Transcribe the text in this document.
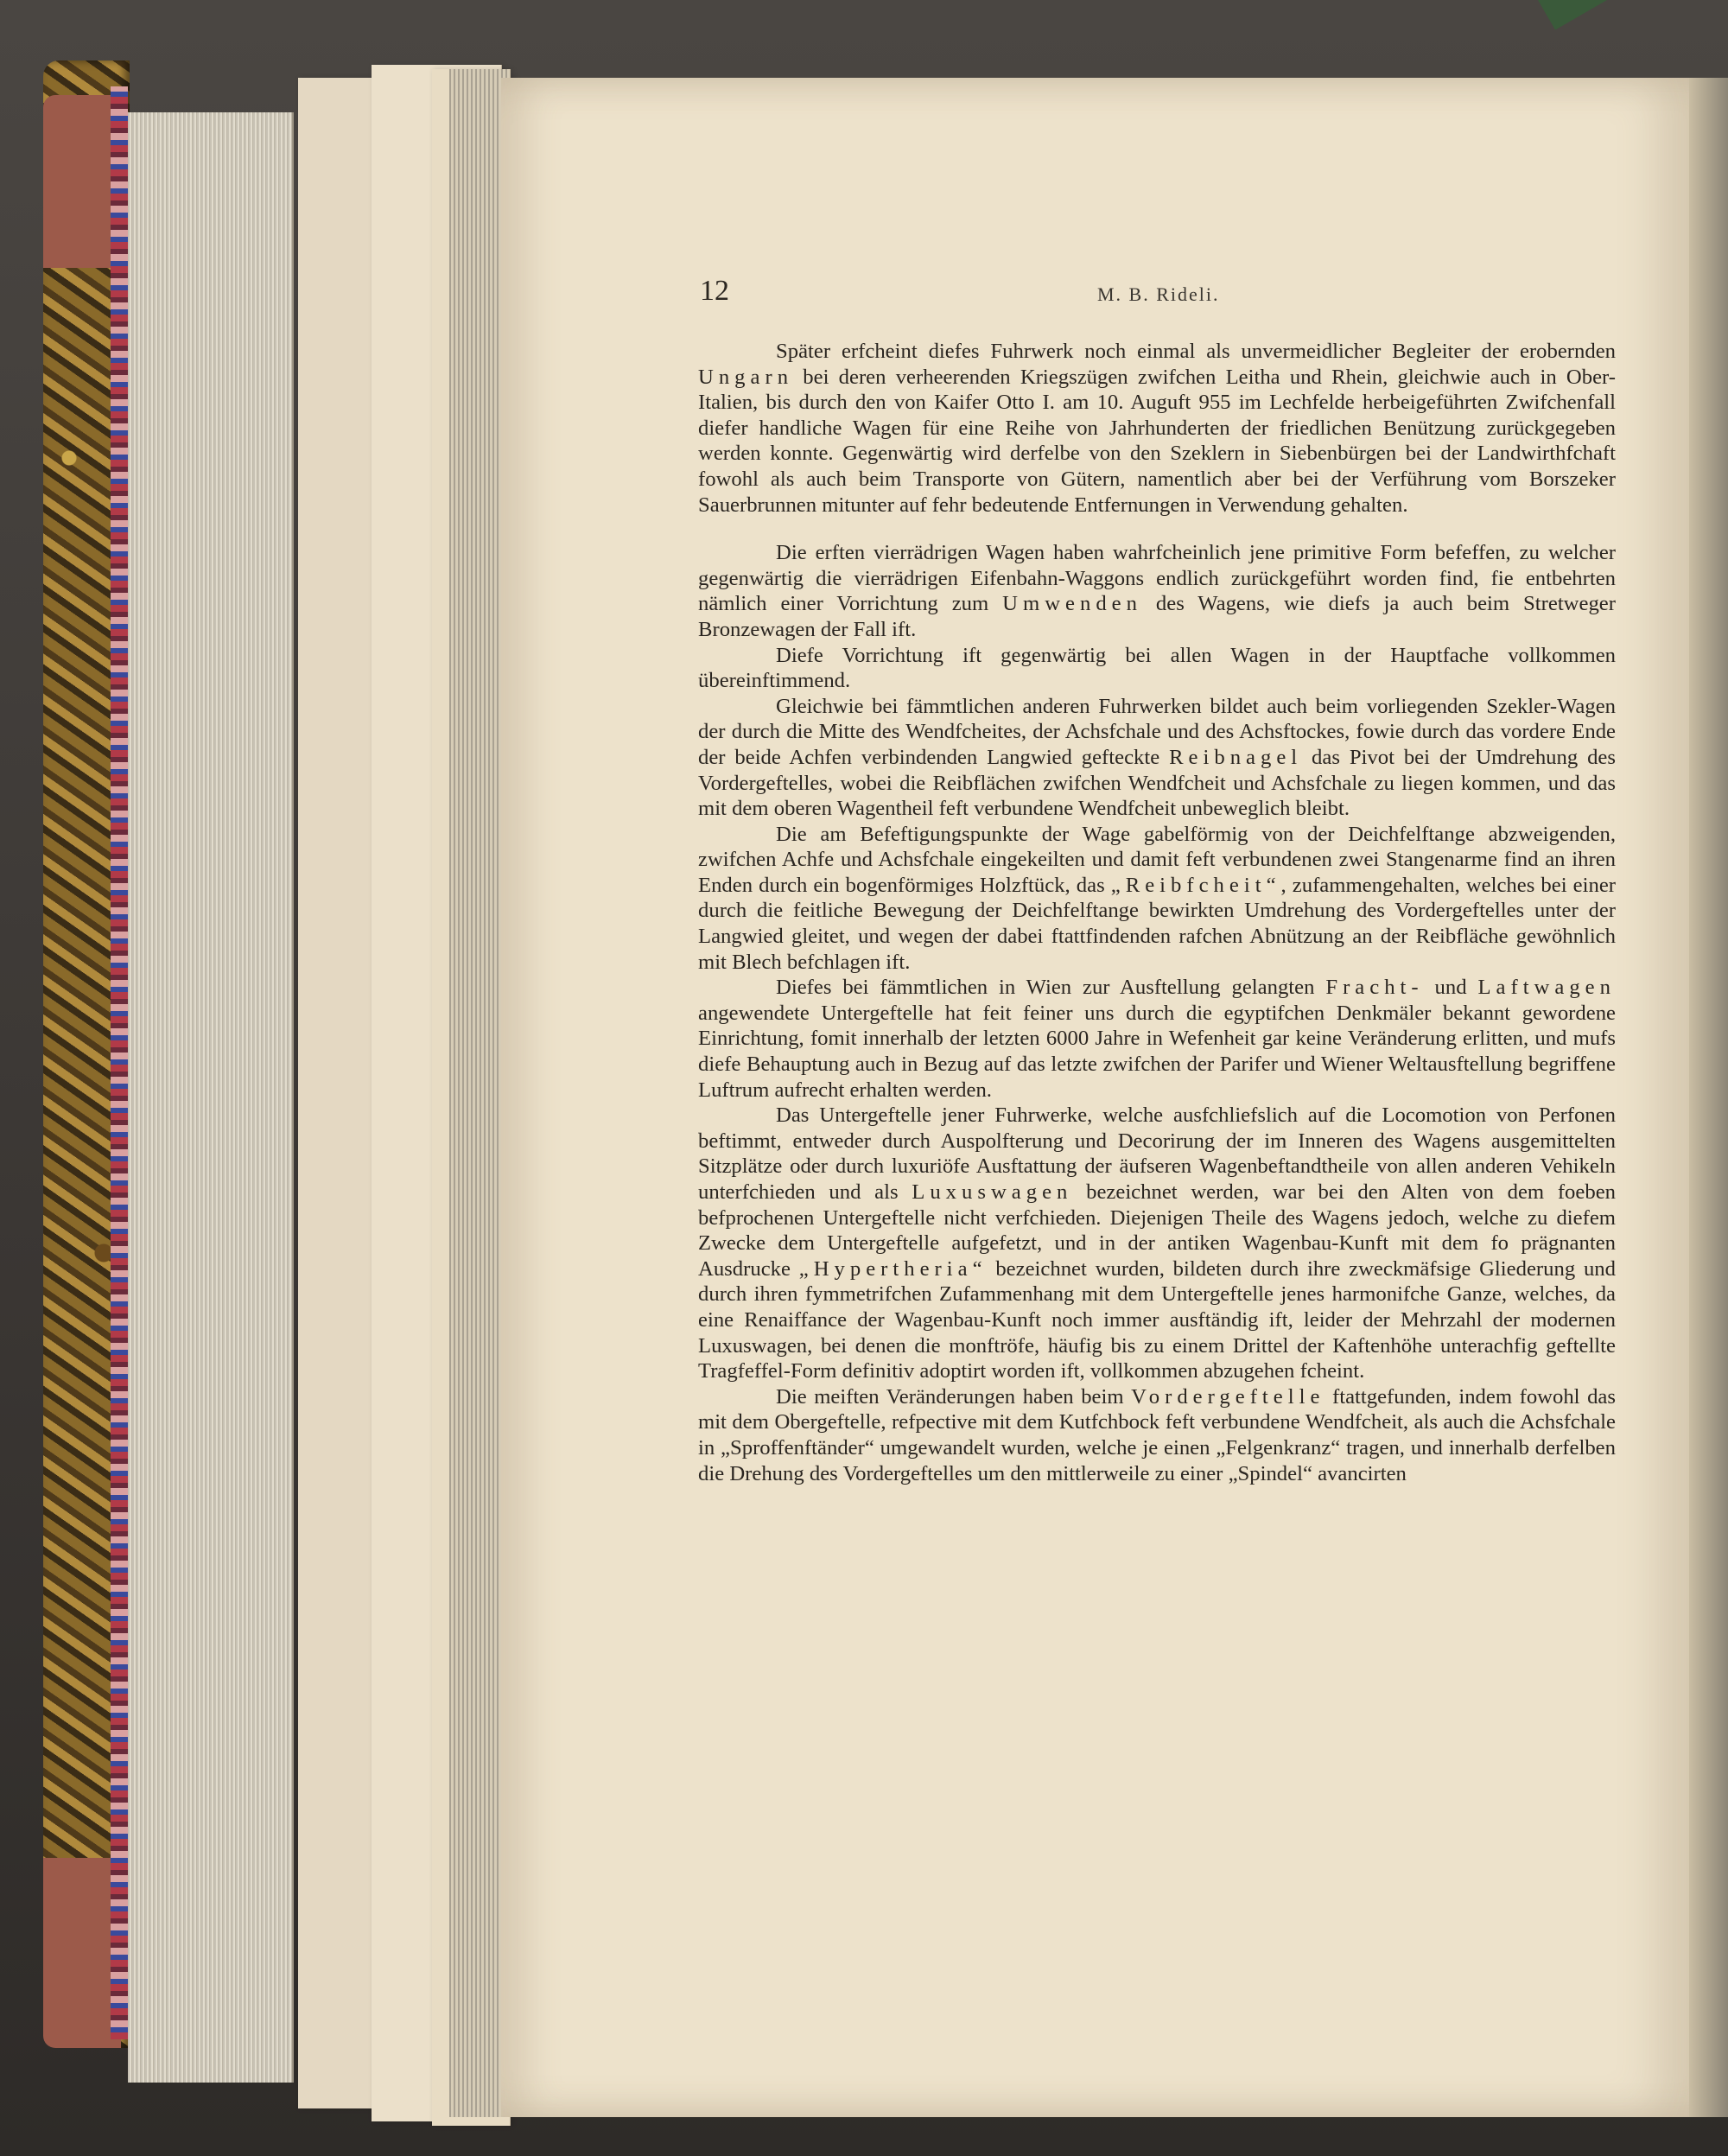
12	M. B. Rideli.

Später erfcheint diefes Fuhrwerk noch einmal als unvermeidlicher Begleiter der erobernden Ungarn bei deren verheerenden Kriegszügen zwifchen Leitha und Rhein, gleichwie auch in Ober-Italien, bis durch den von Kaifer Otto I. am 10. Auguft 955 im Lechfelde herbeigeführten Zwifchenfall diefer handliche Wagen für eine Reihe von Jahrhunderten der friedlichen Benützung zurückgegeben werden konnte. Gegenwärtig wird derfelbe von den Szeklern in Siebenbürgen bei der Landwirthfchaft fowohl als auch beim Transporte von Gütern, namentlich aber bei der Verführung vom Borszeker Sauerbrunnen mitunter auf fehr bedeutende Entfernungen in Verwendung gehalten.

Die erften vierrädrigen Wagen haben wahrfcheinlich jene primitive Form befeffen, zu welcher gegenwärtig die vierrädrigen Eifenbahn-Waggons endlich zurückgeführt worden find, fie entbehrten nämlich einer Vorrichtung zum Umwenden des Wagens, wie diefs ja auch beim Stretweger Bronzewagen der Fall ift.

Diefe Vorrichtung ift gegenwärtig bei allen Wagen in der Hauptfache vollkommen übereinftimmend.

Gleichwie bei fämmtlichen anderen Fuhrwerken bildet auch beim vorliegenden Szekler-Wagen der durch die Mitte des Wendfcheites, der Achsfchale und des Achsftockes, fowie durch das vordere Ende der beide Achfen verbindenden Langwied gefteckte Reibnagel das Pivot bei der Umdrehung des Vordergeftelles, wobei die Reibflächen zwifchen Wendfcheit und Achsfchale zu liegen kommen, und das mit dem oberen Wagentheil feft verbundene Wendfcheit unbeweglich bleibt.

Die am Befeftigungspunkte der Wage gabelförmig von der Deichfelftange abzweigenden, zwifchen Achfe und Achsfchale eingekeilten und damit feft verbundenen zwei Stangenarme find an ihren Enden durch ein bogenförmiges Holzftück, das „Reibfcheit“, zufammengehalten, welches bei einer durch die feitliche Bewegung der Deichfelftange bewirkten Umdrehung des Vordergeftelles unter der Langwied gleitet, und wegen der dabei ftattfindenden rafchen Abnützung an der Reibfläche gewöhnlich mit Blech befchlagen ift.

Diefes bei fämmtlichen in Wien zur Ausftellung gelangten Fracht- und Laftwagen angewendete Untergeftelle hat feit feiner uns durch die egyptifchen Denkmäler bekannt gewordene Einrichtung, fomit innerhalb der letzten 6000 Jahre in Wefenheit gar keine Veränderung erlitten, und mufs diefe Behauptung auch in Bezug auf das letzte zwifchen der Parifer und Wiener Weltausftellung begriffene Luftrum aufrecht erhalten werden.

Das Untergeftelle jener Fuhrwerke, welche ausfchliefslich auf die Locomotion von Perfonen beftimmt, entweder durch Auspolfterung und Decorirung der im Inneren des Wagens ausgemittelten Sitzplätze oder durch luxuriöfe Ausftattung der äufseren Wagenbeftandtheile von allen anderen Vehikeln unterfchieden und als Luxuswagen bezeichnet werden, war bei den Alten von dem foeben befprochenen Untergeftelle nicht verfchieden. Diejenigen Theile des Wagens jedoch, welche zu diefem Zwecke dem Untergeftelle aufgefetzt, und in der antiken Wagenbau-Kunft mit dem fo prägnanten Ausdrucke „Hypertheria“ bezeichnet wurden, bildeten durch ihre zweckmäfsige Gliederung und durch ihren fymmetrifchen Zufammenhang mit dem Untergeftelle jenes harmonifche Ganze, welches, da eine Renaiffance der Wagenbau-Kunft noch immer ausftändig ift, leider der Mehrzahl der modernen Luxuswagen, bei denen die monftröfe, häufig bis zu einem Drittel der Kaftenhöhe unterachfig geftellte Tragfeffel-Form definitiv adoptirt worden ift, vollkommen abzugehen fcheint.

Die meiften Veränderungen haben beim Vordergeftelle ftattgefunden, indem fowohl das mit dem Obergeftelle, refpective mit dem Kutfchbock feft verbundene Wendfcheit, als auch die Achsfchale in „Sproffenftänder“ umgewandelt wurden, welche je einen „Felgenkranz“ tragen, und innerhalb derfelben die Drehung des Vordergeftelles um den mittlerweile zu einer „Spindel“ avancirten
